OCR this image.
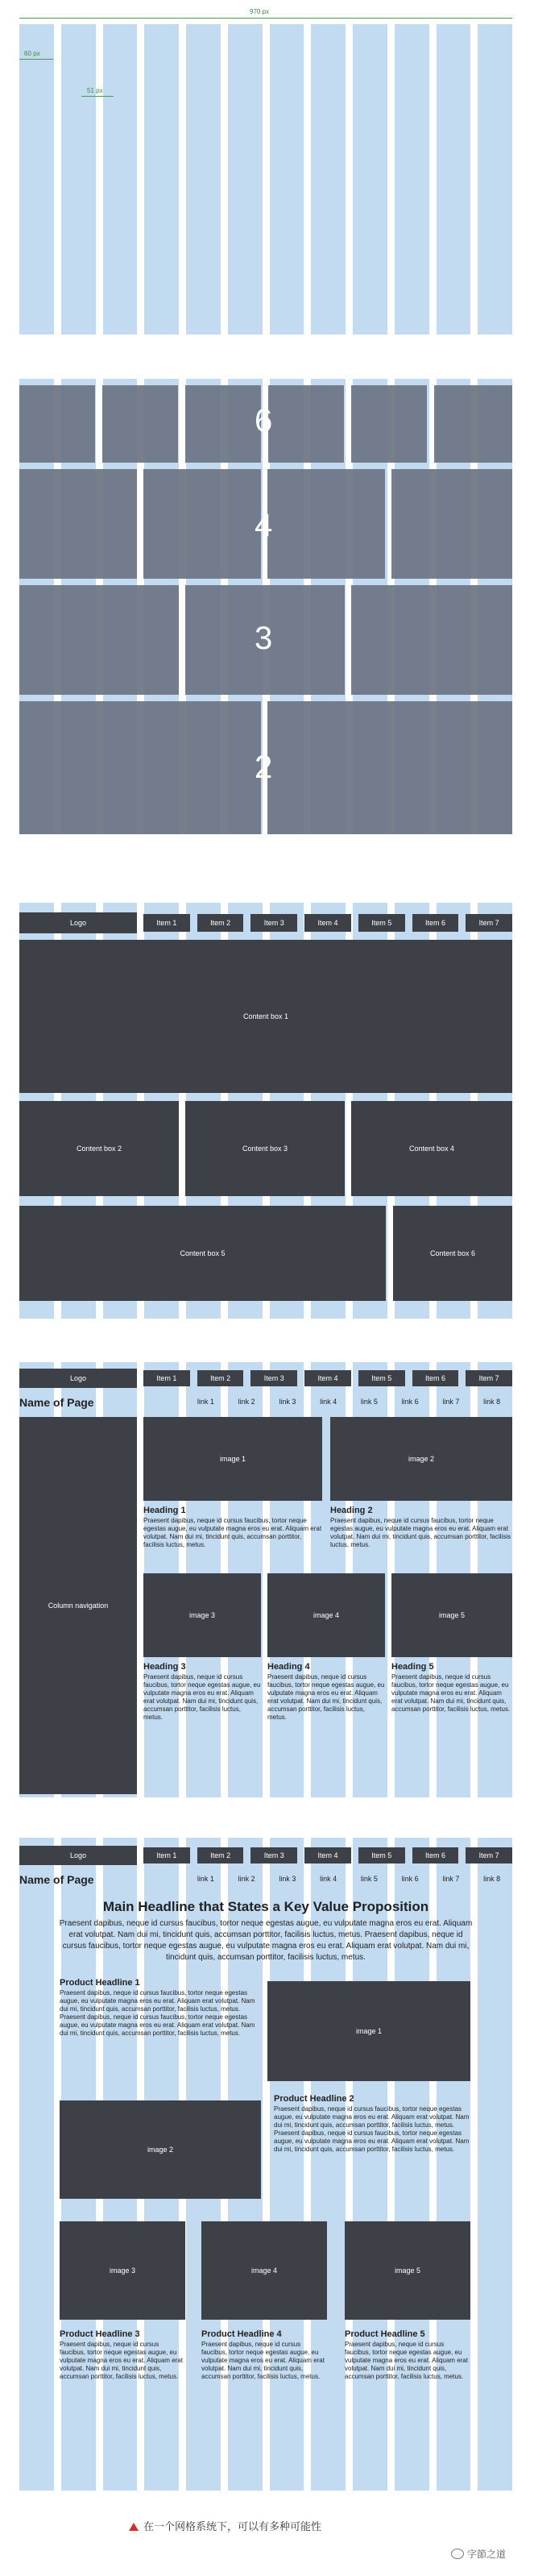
970 px
60 px
51 px
6
4
3
2
Logo	Item 1	Item 2	Item 3	Item 4	Item 5	Item 6	Item 7
Content box 1
Content box 2	Content box 3	Content box 4
Content box 5	Content box 6
Logo	Item 1	Item 2	Item 3	Item 4	Item 5	Item 6	Item 7
Name of Page	link 1	link 2	link 3	link 4	link 5	link 6	link 7	link 8
Column navigation
image 1	image 2

Heading 1

Praesent dapibus, neque id cursus faucibus, tortor neque egestas augue, eu vulputate magna eros eu erat. Aliquam erat volutpat. Nam dui mi, tincidunt quis, accumsan porttitor, facilisis luctus, metus.

Heading 2

Praesent dapibus, neque id cursus faucibus, tortor neque egestas augue, eu vulputate magna eros eu erat. Aliquam erat volutpat. Nam dui mi, tincidunt quis, accumsan porttitor, facilisis luctus, metus.

image 3	image 4	image 5

Heading 3

Praesent dapibus, neque id cursus faucibus, tortor neque egestas augue, eu vulputate magna eros eu erat. Aliquam erat volutpat. Nam dui mi, tincidunt quis, accumsan porttitor, facilisis luctus, metus.

Heading 4

Praesent dapibus, neque id cursus faucibus, tortor neque egestas augue, eu vulputate magna eros eu erat. Aliquam erat volutpat. Nam dui mi, tincidunt quis, accumsan porttitor, facilisis luctus, metus.

Heading 5

Praesent dapibus, neque id cursus faucibus, tortor neque egestas augue, eu vulputate magna eros eu erat. Aliquam erat volutpat. Nam dui mi, tincidunt quis, accumsan porttitor, facilisis luctus, metus.

Logo	Item 1	Item 2	Item 3	Item 4	Item 5	Item 6	Item 7
Name of Page	link 1	link 2	link 3	link 4	link 5	link 6	link 7	link 8
Main Headline that States a Key Value Proposition
Praesent dapibus, neque id cursus faucibus, tortor neque egestas augue, eu vulputate magna eros eu erat. Aliquam erat volutpat. Nam dui mi, tincidunt quis, accumsan porttitor, facilisis luctus, metus. Praesent dapibus, neque id cursus faucibus, tortor neque egestas augue, eu vulputate magna eros eu erat. Aliquam erat volutpat. Nam dui mi, tincidunt quis, accumsan porttitor, facilisis luctus, metus.

Product Headline 1

Praesent dapibus, neque id cursus faucibus, tortor neque egestas augue, eu vulputate magna eros eu erat. Aliquam erat volutpat. Nam dui mi, tincidunt quis, accumsan porttitor, facilisis luctus, metus. Praesent dapibus, neque id cursus faucibus, tortor neque egestas augue, eu vulputate magna eros eu erat. Aliquam erat volutpat. Nam dui mi, tincidunt quis, accumsan porttitor, facilisis luctus, metus.	image 1
image 2

Product Headline 2

Praesent dapibus, neque id cursus faucibus, tortor neque egestas augue, eu vulputate magna eros eu erat. Aliquam erat volutpat. Nam dui mi, tincidunt quis, accumsan porttitor, facilisis luctus, metus. Praesent dapibus, neque id cursus faucibus, tortor neque egestas augue, eu vulputate magna eros eu erat. Aliquam erat volutpat. Nam dui mi, tincidunt quis, accumsan porttitor, facilisis luctus, metus.

image 3	image 4	image 5

Product Headline 3

Praesent dapibus, neque id cursus faucibus, tortor neque egestas augue, eu vulputate magna eros eu erat. Aliquam erat volutpat. Nam dui mi, tincidunt quis, accumsan porttitor, facilisis luctus, metus.

Product Headline 4

Praesent dapibus, neque id cursus faucibus, tortor neque egestas augue, eu vulputate magna eros eu erat. Aliquam erat volutpat. Nam dui mi, tincidunt quis, accumsan porttitor, facilisis luctus, metus.

Product Headline 5

Praesent dapibus, neque id cursus faucibus, tortor neque egestas augue, eu vulputate magna eros eu erat. Aliquam erat volutpat. Nam dui mi, tincidunt quis, accumsan porttitor, facilisis luctus, metus.

在一个网格系统下，可以有多种可能性
字節之道
